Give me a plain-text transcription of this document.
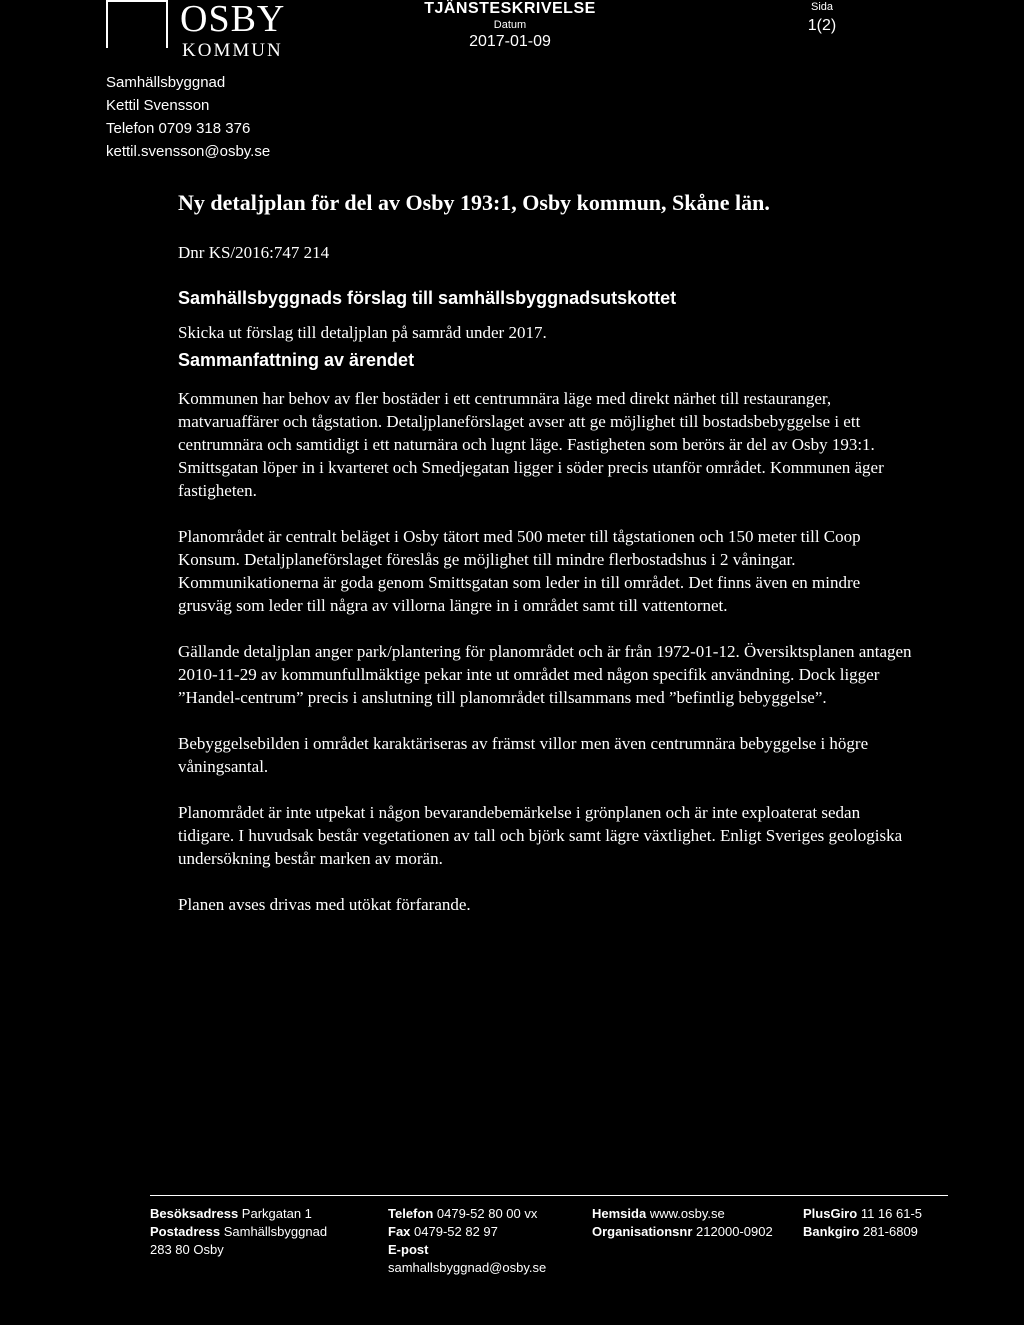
OSBY
KOMMUN
Samhällsbyggnad
Kettil Svensson
Telefon 0709 318 376
kettil.svensson@osby.se
TJÄNSTESKRIVELSE
Datum
2017-01-09
Sida
1(2)
Ny detaljplan för del av Osby 193:1, Osby kommun, Skåne län.
Dnr KS/2016:747 214
Samhällsbyggnads förslag till samhällsbyggnadsutskottet
Skicka ut förslag till detaljplan på samråd under 2017.
Sammanfattning av ärendet

Kommunen har behov av fler bostäder i ett centrumnära läge med direkt närhet till restauranger, matvaruaffärer och tågstation. Detaljplaneförslaget avser att ge möjlighet till bostadsbebyggelse i ett centrumnära och samtidigt i ett naturnära och lugnt läge. Fastigheten som berörs är del av Osby 193:1. Smittsgatan löper in i kvarteret och Smedjegatan ligger i söder precis utanför området. Kommunen äger fastigheten.

Planområdet är centralt beläget i Osby tätort med 500 meter till tågstationen och 150 meter till Coop Konsum. Detaljplaneförslaget föreslås ge möjlighet till mindre flerbostadshus i 2 våningar. Kommunikationerna är goda genom Smittsgatan som leder in till området. Det finns även en mindre grusväg som leder till några av villorna längre in i området samt till vattentornet.

Gällande detaljplan anger park/plantering för planområdet och är från 1972-01-12. Översiktsplanen antagen 2010-11-29 av kommunfullmäktige pekar inte ut området med någon specifik användning. Dock ligger ”Handel-centrum” precis i anslutning till planområdet tillsammans med ”befintlig bebyggelse”.

Bebyggelsebilden i området karaktäriseras av främst villor men även centrumnära bebyggelse i högre våningsantal.

Planområdet är inte utpekat i någon bevarandebemärkelse i grönplanen och är inte exploaterat sedan tidigare. I huvudsak består vegetationen av tall och björk samt lägre växtlighet. Enligt Sveriges geologiska undersökning består marken av morän.

Planen avses drivas med utökat förfarande.

Besöksadress Parkgatan 1
Postadress Samhällsbyggnad
283 80 Osby
Telefon 0479-52 80 00 vx
Fax 0479-52 82 97
E-post
samhallsbyggnad@osby.se
Hemsida www.osby.se
Organisationsnr 212000-0902
PlusGiro 11 16 61-5
Bankgiro 281-6809
